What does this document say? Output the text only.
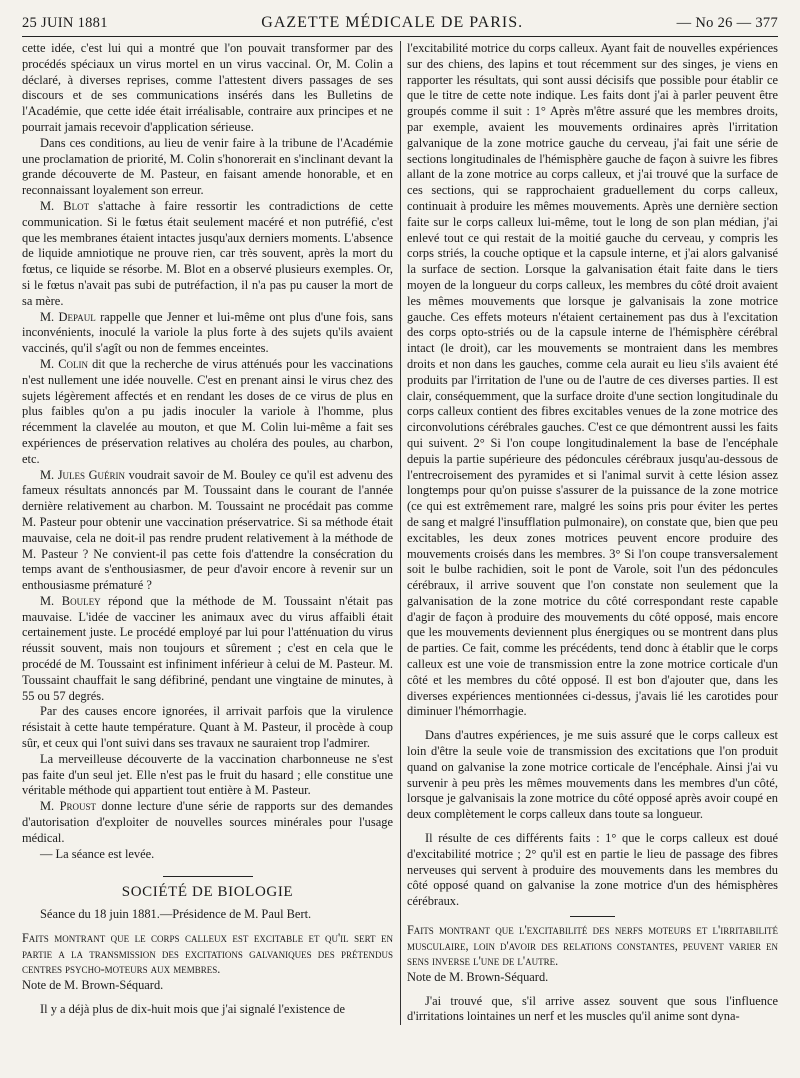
25 JUIN 1881	GAZETTE MÉDICALE DE PARIS.	— No 26 — 377

cette idée, c'est lui qui a montré que l'on pouvait transformer par des procédés spéciaux un virus mortel en un virus vaccinal. Or, M. Colin a déclaré, à diverses reprises, comme l'attestent divers passages de ses discours et de ses communications insérés dans les Bulletins de l'Académie, que cette idée était irréalisable, contraire aux principes et ne pourrait jamais recevoir d'application sérieuse.

Dans ces conditions, au lieu de venir faire à la tribune de l'Académie une proclamation de priorité, M. Colin s'honorerait en s'inclinant devant la grande découverte de M. Pasteur, en faisant amende honorable, et en reconnaissant loyalement son erreur.

M. Blot s'attache à faire ressortir les contradictions de cette communication. Si le fœtus était seulement macéré et non putréfié, c'est que les membranes étaient intactes jusqu'aux derniers moments. L'absence de liquide amniotique ne prouve rien, car très souvent, après la mort du fœtus, ce liquide se résorbe. M. Blot en a observé plusieurs exemples. Or, si le fœtus n'avait pas subi de putréfaction, il n'a pas pu causer la mort de sa mère.

M. Depaul rappelle que Jenner et lui-même ont plus d'une fois, sans inconvénients, inoculé la variole la plus forte à des sujets qu'ils avaient vaccinés, qu'il s'agît ou non de femmes enceintes.

M. Colin dit que la recherche de virus atténués pour les vaccinations n'est nullement une idée nouvelle. C'est en prenant ainsi le virus chez des sujets légèrement affectés et en rendant les doses de ce virus de plus en plus faibles qu'on a pu jadis inoculer la variole à l'homme, plus récemment la clavelée au mouton, et que M. Colin lui-même a fait ses expériences de préservation relatives au choléra des poules, au charbon, etc.

M. Jules Guérin voudrait savoir de M. Bouley ce qu'il est advenu des fameux résultats annoncés par M. Toussaint dans le courant de l'année dernière relativement au charbon. M. Toussaint ne procédait pas comme M. Pasteur pour obtenir une vaccination préservatrice. Si sa méthode était mauvaise, cela ne doit-il pas rendre prudent relativement à la méthode de M. Pasteur ? Ne convient-il pas cette fois d'attendre la consécration du temps avant de s'enthousiasmer, de peur d'avoir encore à revenir sur un enthousiasme prématuré ?

M. Bouley répond que la méthode de M. Toussaint n'était pas mauvaise. L'idée de vacciner les animaux avec du virus affaibli était certainement juste. Le procédé employé par lui pour l'atténuation du virus réussit souvent, mais non toujours et sûrement ; c'est en cela que le procédé de M. Toussaint est infiniment inférieur à celui de M. Pasteur. M. Toussaint chauffait le sang défibriné, pendant une vingtaine de minutes, à 55 ou 57 degrés.

Par des causes encore ignorées, il arrivait parfois que la virulence résistait à cette haute température. Quant à M. Pasteur, il procède à coup sûr, et ceux qui l'ont suivi dans ses travaux ne sauraient trop l'admirer.

La merveilleuse découverte de la vaccination charbonneuse ne s'est pas faite d'un seul jet. Elle n'est pas le fruit du hasard ; elle constitue une véritable méthode qui appartient tout entière à M. Pasteur.

M. Proust donne lecture d'une série de rapports sur des demandes d'autorisation d'exploiter de nouvelles sources minérales pour l'usage médical.

— La séance est levée.

SOCIÉTÉ DE BIOLOGIE

Séance du 18 juin 1881.—Présidence de M. Paul Bert.

Faits montrant que le corps calleux est excitable et qu'il sert en partie a la transmission des excitations galvaniques des prétendus centres psycho-moteurs aux membres.

Note de M. Brown-Séquard.

Il y a déjà plus de dix-huit mois que j'ai signalé l'existence de

l'excitabilité motrice du corps calleux. Ayant fait de nouvelles expériences sur des chiens, des lapins et tout récemment sur des singes, je viens en rapporter les résultats, qui sont aussi décisifs que possible pour établir ce que le titre de cette note indique. Les faits dont j'ai à parler peuvent être groupés comme il suit : 1° Après m'être assuré que les membres droits, par exemple, avaient les mouvements ordinaires après l'irritation galvanique de la zone motrice gauche du cerveau, j'ai fait une série de sections longitudinales de l'hémisphère gauche de façon à suivre les fibres allant de la zone motrice au corps calleux, et j'ai trouvé que la surface de ces sections, qui se rapprochaient graduellement du corps calleux, continuait à produire les mêmes mouvements. Après une dernière section faite sur le corps calleux lui-même, tout le long de son plan médian, j'ai enlevé tout ce qui restait de la moitié gauche du cerveau, y compris les corps striés, la couche optique et la capsule interne, et j'ai alors galvanisé la surface de section. Lorsque la galvanisation était faite dans le tiers moyen de la longueur du corps calleux, les membres du côté droit avaient les mêmes mouvements que lorsque je galvanisais la zone motrice gauche. Ces effets moteurs n'étaient certainement pas dus à l'excitation des corps opto-striés ou de la capsule interne de l'hémisphère cérébral intact (le droit), car les mouvements se montraient dans les membres droits et non dans les gauches, comme cela aurait eu lieu s'ils avaient été produits par l'irritation de l'une ou de l'autre de ces diverses parties. Il est clair, conséquemment, que la surface droite d'une section longitudinale du corps calleux contient des fibres excitables venues de la zone motrice des circonvolutions cérébrales gauches. C'est ce que démontrent aussi les faits qui suivent. 2° Si l'on coupe longitudinalement la base de l'encéphale depuis la partie supérieure des pédoncules cérébraux jusqu'au-dessous de l'entrecroisement des pyramides et si l'animal survit à cette lésion assez longtemps pour qu'on puisse s'assurer de la puissance de la zone motrice (ce qui est extrêmement rare, malgré les soins pris pour éviter les pertes de sang et malgré l'insufflation pulmonaire), on constate que, bien que peu excitables, les deux zones motrices peuvent encore produire des mouvements croisés dans les membres. 3° Si l'on coupe transversalement soit le bulbe rachidien, soit le pont de Varole, soit l'un des pédoncules cérébraux, il arrive souvent que l'on constate non seulement que la galvanisation de la zone motrice du côté correspondant reste capable d'agir de façon à produire des mouvements du côté opposé, mais encore que les mouvements deviennent plus énergiques ou se montrent dans plus de parties. Ce fait, comme les précédents, tend donc à établir que le corps calleux est une voie de transmission entre la zone motrice corticale d'un côté et les membres du côté opposé. Il est bon d'ajouter que, dans les diverses expériences mentionnées ci-dessus, j'avais lié les carotides pour diminuer l'hémorrhagie.

Dans d'autres expériences, je me suis assuré que le corps calleux est loin d'être la seule voie de transmission des excitations que l'on produit quand on galvanise la zone motrice corticale de l'encéphale. Ainsi j'ai vu survenir à peu près les mêmes mouvements dans les membres d'un côté, lorsque je galvanisais la zone motrice du côté opposé après avoir coupé en deux complètement le corps calleux dans toute sa longueur.

Il résulte de ces différents faits : 1° que le corps calleux est doué d'excitabilité motrice ; 2° qu'il est en partie le lieu de passage des fibres nerveuses qui servent à produire des mouvements dans les membres du côté opposé quand on galvanise la zone motrice d'un des hémisphères cérébraux.

Faits montrant que l'excitabilité des nerfs moteurs et l'irritabilité musculaire, loin d'avoir des relations constantes, peuvent varier en sens inverse l'une de l'autre.

Note de M. Brown-Séquard.

J'ai trouvé que, s'il arrive assez souvent que sous l'influence d'irritations lointaines un nerf et les muscles qu'il anime sont dyna-
